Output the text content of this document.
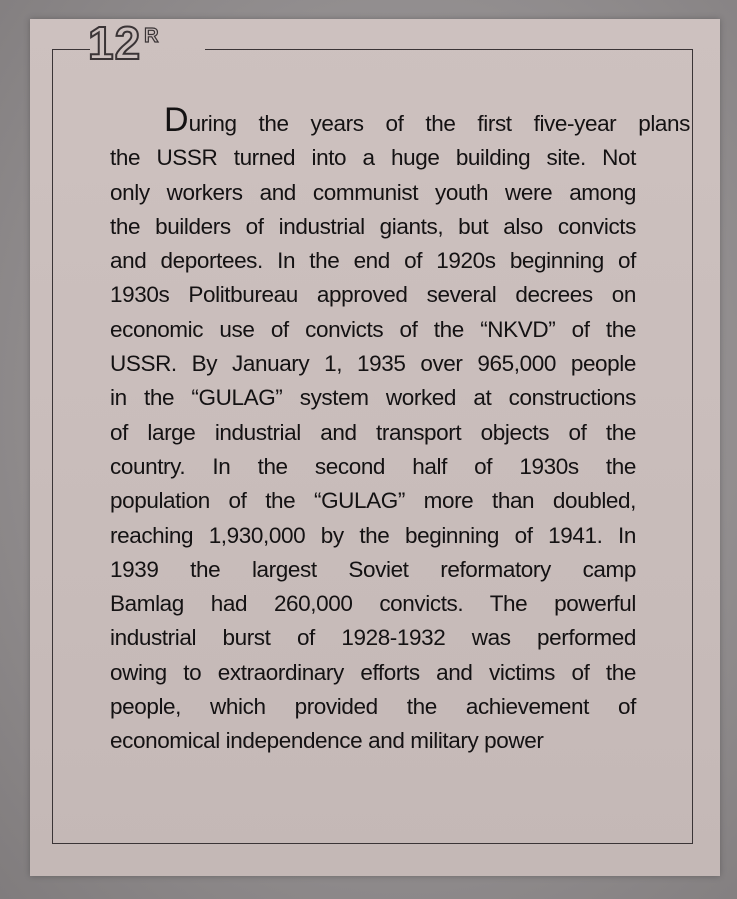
12 R
During the years of the first five-year plans
the USSR turned into a huge building site. Not
only workers and communist youth were among
the builders of industrial giants, but also convicts
and deportees. In the end of 1920s beginning of
1930s Politbureau approved several decrees on
economic use of convicts of the “NKVD” of the
USSR. By January 1, 1935 over 965,000 people
in the “GULAG” system worked at constructions
of large industrial and transport objects of the
country. In the second half of 1930s the
population of the “GULAG” more than doubled,
reaching 1,930,000 by the beginning of 1941. In
1939 the largest Soviet reformatory camp
Bamlag had 260,000 convicts. The powerful
industrial burst of 1928-1932 was performed
owing to extraordinary efforts and victims of the
people, which provided the achievement of
economical independence and military power
